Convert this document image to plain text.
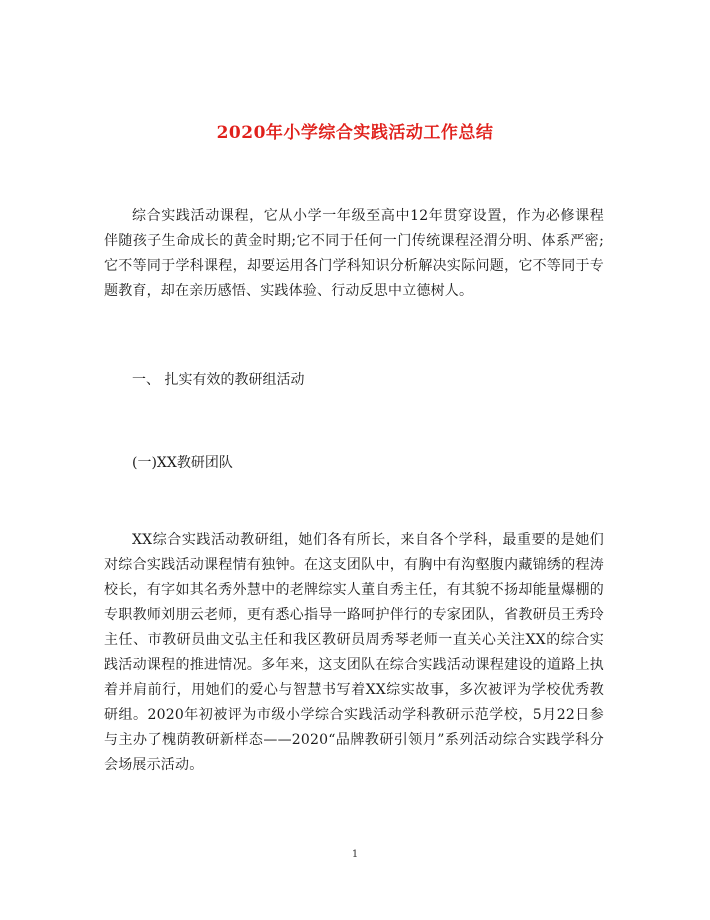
2020年小学综合实践活动工作总结

综合实践活动课程，它从小学一年级至高中12年贯穿设置，作为必修课程伴随孩子生命成长的黄金时期;它不同于任何一门传统课程泾渭分明、体系严密;它不等同于学科课程，却要运用各门学科知识分析解决实际问题，它不等同于专题教育，却在亲历感悟、实践体验、行动反思中立德树人。

一、 扎实有效的教研组活动

(一)XX教研团队

XX综合实践活动教研组，她们各有所长，来自各个学科，最重要的是她们对综合实践活动课程情有独钟。在这支团队中，有胸中有沟壑腹内藏锦绣的程涛校长，有字如其名秀外慧中的老牌综实人董自秀主任，有其貌不扬却能量爆棚的专职教师刘朋云老师，更有悉心指导一路呵护伴行的专家团队，省教研员王秀玲主任、市教研员曲文弘主任和我区教研员周秀琴老师一直关心关注XX的综合实践活动课程的推进情况。多年来，这支团队在综合实践活动课程建设的道路上执着并肩前行，用她们的爱心与智慧书写着XX综实故事，多次被评为学校优秀教研组。2020年初被评为市级小学综合实践活动学科教研示范学校，5月22日参与主办了槐荫教研新样态——2020“品牌教研引领月”系列活动综合实践学科分会场展示活动。

1
